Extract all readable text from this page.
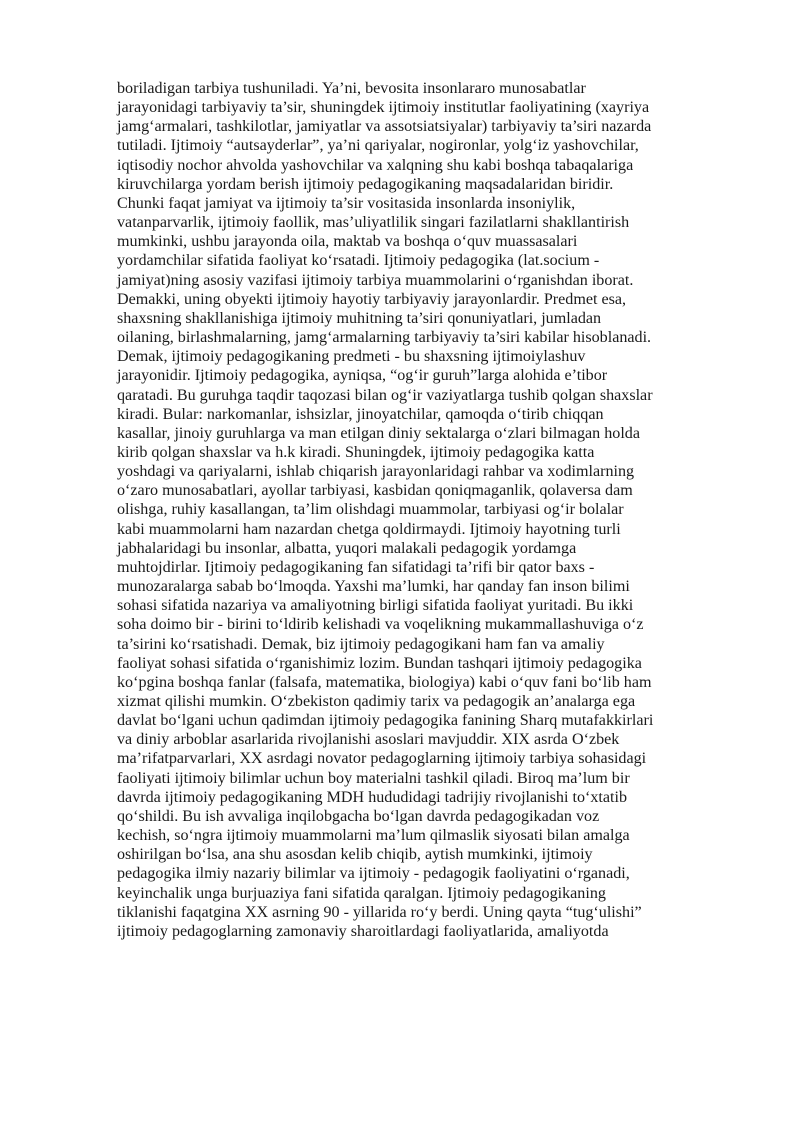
boriladigan tarbiya tushuniladi. Ya’ni, bevosita insonlararo munosabatlar
jarayonidagi tarbiyaviy ta’sir, shuningdek ijtimoiy institutlar faoliyatining (xayriya
jamg‘armalari, tashkilotlar, jamiyatlar va assotsiatsiyalar) tarbiyaviy ta’siri nazarda
tutiladi. Ijtimoiy “autsayderlar”, ya’ni qariyalar, nogironlar, yolg‘iz yashovchilar,
iqtisodiy nochor ahvolda yashovchilar va xalqning shu kabi boshqa tabaqalariga
kiruvchilarga yordam berish ijtimoiy pedagogikaning maqsadalaridan biridir.
Chunki faqat jamiyat va ijtimoiy ta’sir vositasida insonlarda insoniylik,
vatanparvarlik, ijtimoiy faollik, mas’uliyatlilik singari fazilatlarni shakllantirish
mumkinki, ushbu jarayonda oila, maktab va boshqa o‘quv muassasalari
yordamchilar sifatida faoliyat ko‘rsatadi. Ijtimoiy pedagogika (lat.socium -
jamiyat)ning asosiy vazifasi ijtimoiy tarbiya muammolarini o‘rganishdan iborat.
Demakki, uning obyekti ijtimoiy hayotiy tarbiyaviy jarayonlardir. Predmet esa,
shaxsning shakllanishiga ijtimoiy muhitning ta’siri qonuniyatlari, jumladan
oilaning, birlashmalarning, jamg‘armalarning tarbiyaviy ta’siri kabilar hisoblanadi.
Demak, ijtimoiy pedagogikaning predmeti - bu shaxsning ijtimoiylashuv
jarayonidir. Ijtimoiy pedagogika, ayniqsa, “og‘ir guruh”larga alohida e’tibor
qaratadi. Bu guruhga taqdir taqozasi bilan og‘ir vaziyatlarga tushib qolgan shaxslar
kiradi. Bular: narkomanlar, ishsizlar, jinoyatchilar, qamoqda o‘tirib chiqqan
kasallar, jinoiy guruhlarga va man etilgan diniy sektalarga o‘zlari bilmagan holda
kirib qolgan shaxslar va h.k kiradi. Shuningdek, ijtimoiy pedagogika katta
yoshdagi va qariyalarni, ishlab chiqarish jarayonlaridagi rahbar va xodimlarning
o‘zaro munosabatlari, ayollar tarbiyasi, kasbidan qoniqmaganlik, qolaversa dam
olishga, ruhiy kasallangan, ta’lim olishdagi muammolar, tarbiyasi og‘ir bolalar
kabi muammolarni ham nazardan chetga qoldirmaydi. Ijtimoiy hayotning turli
jabhalaridagi bu insonlar, albatta, yuqori malakali pedagogik yordamga
muhtojdirlar. Ijtimoiy pedagogikaning fan sifatidagi ta’rifi bir qator baxs -
munozaralarga sabab bo‘lmoqda. Yaxshi ma’lumki, har qanday fan inson bilimi
sohasi sifatida nazariya va amaliyotning birligi sifatida faoliyat yuritadi. Bu ikki
soha doimo bir - birini to‘ldirib kelishadi va voqelikning mukammallashuviga o‘z
ta’sirini ko‘rsatishadi. Demak, biz ijtimoiy pedagogikani ham fan va amaliy
faoliyat sohasi sifatida o‘rganishimiz lozim. Bundan tashqari ijtimoiy pedagogika
ko‘pgina boshqa fanlar (falsafa, matematika, biologiya) kabi o‘quv fani bo‘lib ham
xizmat qilishi mumkin. O‘zbekiston qadimiy tarix va pedagogik an’analarga ega
davlat bo‘lgani uchun qadimdan ijtimoiy pedagogika fanining Sharq mutafakkirlari
va diniy arboblar asarlarida rivojlanishi asoslari mavjuddir. XIX asrda O‘zbek
ma’rifatparvarlari, XX asrdagi novator pedagoglarning ijtimoiy tarbiya sohasidagi
faoliyati ijtimoiy bilimlar uchun boy materialni tashkil qiladi. Biroq ma’lum bir
davrda ijtimoiy pedagogikaning MDH hududidagi tadrijiy rivojlanishi to‘xtatib
qo‘shildi. Bu ish avvaliga inqilobgacha bo‘lgan davrda pedagogikadan voz
kechish, so‘ngra ijtimoiy muammolarni ma’lum qilmaslik siyosati bilan amalga
oshirilgan bo‘lsa, ana shu asosdan kelib chiqib, aytish mumkinki, ijtimoiy
pedagogika ilmiy nazariy bilimlar va ijtimoiy - pedagogik faoliyatini o‘rganadi,
keyinchalik unga burjuaziya fani sifatida qaralgan. Ijtimoiy pedagogikaning
tiklanishi faqatgina XX asrning 90 - yillarida ro‘y berdi. Uning qayta “tug‘ulishi”
ijtimoiy pedagoglarning zamonaviy sharoitlardagi faoliyatlarida, amaliyotda
